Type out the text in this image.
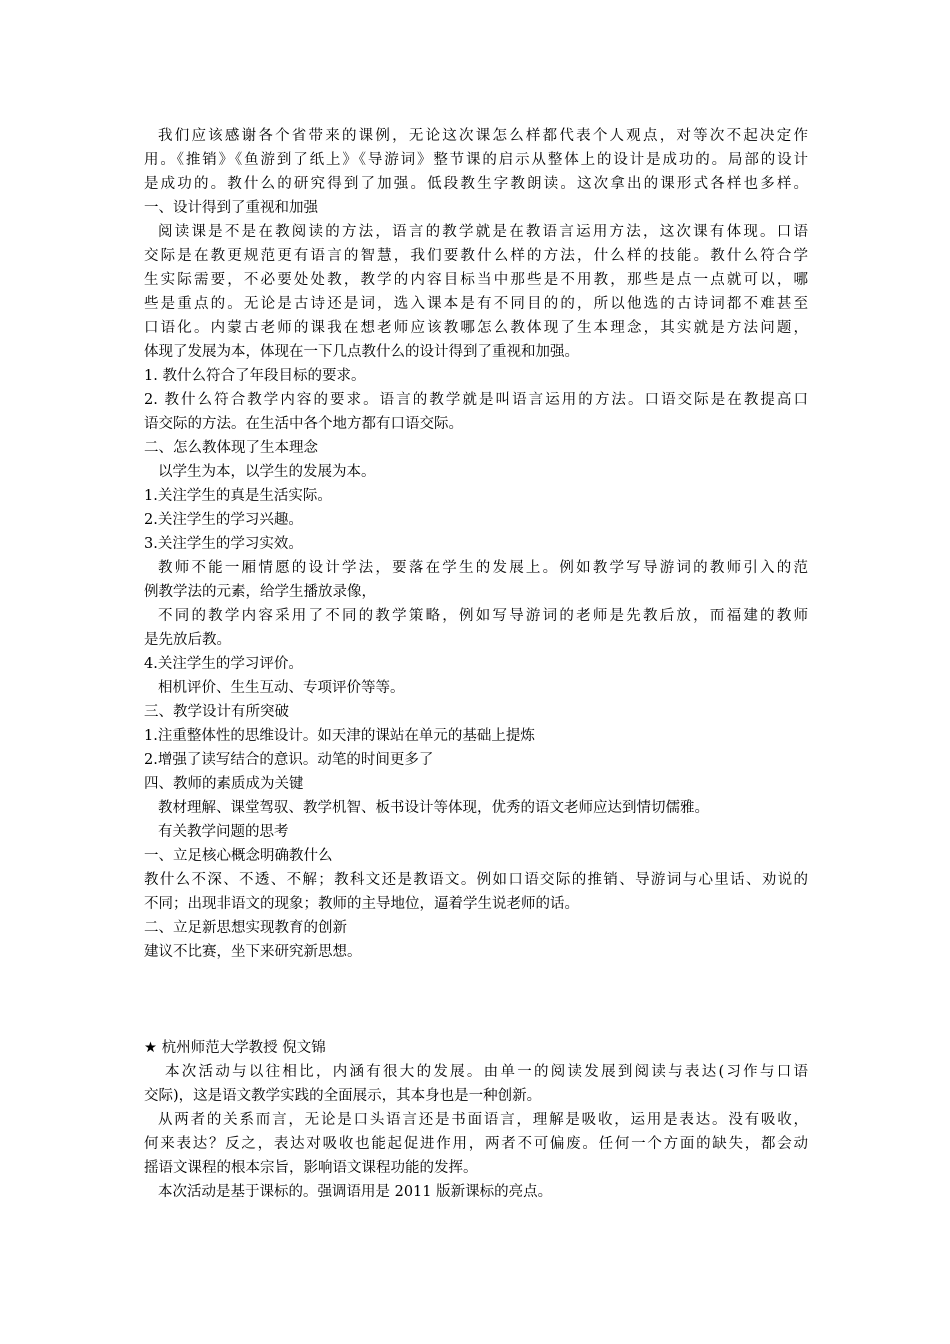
我们应该感谢各个省带来的课例，无论这次课怎么样都代表个人观点，对等次不起决定作
用。《推销》《鱼游到了纸上》《导游词》整节课的启示从整体上的设计是成功的。局部的设计
是成功的。教什么的研究得到了加强。低段教生字教朗读。这次拿出的课形式各样也多样。
一、设计得到了重视和加强
阅读课是不是在教阅读的方法，语言的教学就是在教语言运用方法，这次课有体现。口语
交际是在教更规范更有语言的智慧，我们要教什么样的方法，什么样的技能。教什么符合学
生实际需要，不必要处处教，教学的内容目标当中那些是不用教，那些是点一点就可以，哪
些是重点的。无论是古诗还是词，选入课本是有不同目的的，所以他选的古诗词都不难甚至
口语化。内蒙古老师的课我在想老师应该教哪怎么教体现了生本理念，其实就是方法问题，
体现了发展为本，体现在一下几点教什么的设计得到了重视和加强。
1. 教什么符合了年段目标的要求。
2. 教什么符合教学内容的要求。语言的教学就是叫语言运用的方法。口语交际是在教提高口
语交际的方法。在生活中各个地方都有口语交际。
二、怎么教体现了生本理念
以学生为本，以学生的发展为本。
1.关注学生的真是生活实际。
2.关注学生的学习兴趣。
3.关注学生的学习实效。
教师不能一厢情愿的设计学法，要落在学生的发展上。例如教学写导游词的教师引入的范
例教学法的元素，给学生播放录像，
不同的教学内容采用了不同的教学策略，例如写导游词的老师是先教后放，而福建的教师
是先放后教。
4.关注学生的学习评价。
相机评价、生生互动、专项评价等等。
三、教学设计有所突破
1.注重整体性的思维设计。如天津的课站在单元的基础上提炼
2.增强了读写结合的意识。动笔的时间更多了
四、教师的素质成为关键
教材理解、课堂驾驭、教学机智、板书设计等体现，优秀的语文老师应达到情切儒雅。
有关教学问题的思考
一、立足核心概念明确教什么
教什么不深、不透、不解；教科文还是教语文。例如口语交际的推销、导游词与心里话、劝说的
不同；出现非语文的现象；教师的主导地位，逼着学生说老师的话。
二、立足新思想实现教育的创新
建议不比赛，坐下来研究新思想。
★ 杭州师范大学教授 倪文锦
本次活动与以往相比，内涵有很大的发展。由单一的阅读发展到阅读与表达(习作与口语
交际)，这是语文教学实践的全面展示，其本身也是一种创新。
从两者的关系而言，无论是口头语言还是书面语言，理解是吸收，运用是表达。没有吸收，
何来表达？反之，表达对吸收也能起促进作用，两者不可偏废。任何一个方面的缺失，都会动
摇语文课程的根本宗旨，影响语文课程功能的发挥。
本次活动是基于课标的。强调语用是 2011 版新课标的亮点。
